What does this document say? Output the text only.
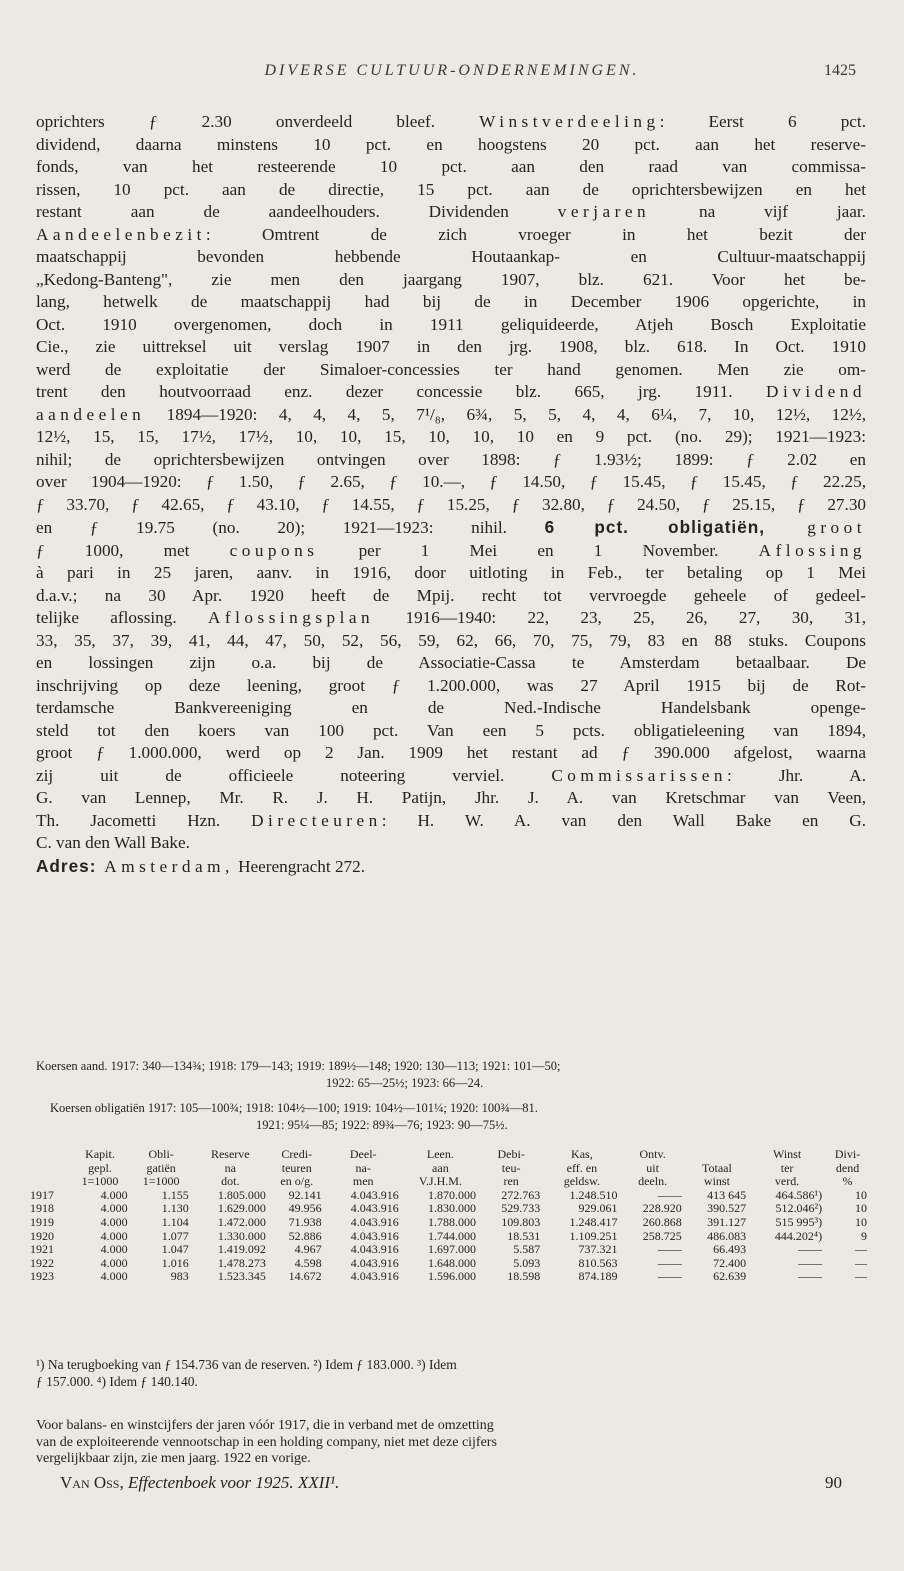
DIVERSE CULTUUR-ONDERNEMINGEN.	1425
oprichters ƒ 2.30 onverdeeld bleef. Winstverdeeling: Eerst 6 pct.
dividend, daarna minstens 10 pct. en hoogstens 20 pct. aan het reserve-
fonds, van het resteerende 10 pct. aan den raad van commissa-
rissen, 10 pct. aan de directie, 15 pct. aan de oprichtersbewijzen en het
restant aan de aandeelhouders. Dividenden verjaren na vijf jaar.
Aandeelenbezit: Omtrent de zich vroeger in het bezit der
maatschappij bevonden hebbende Houtaankap- en Cultuur-maatschappij
„Kedong-Banteng", zie men den jaargang 1907, blz. 621. Voor het be-
lang, hetwelk de maatschappij had bij de in December 1906 opgerichte, in
Oct. 1910 overgenomen, doch in 1911 geliquideerde, Atjeh Bosch Exploitatie
Cie., zie uittreksel uit verslag 1907 in den jrg. 1908, blz. 618. In Oct. 1910
werd de exploitatie der Simaloer-concessies ter hand genomen. Men zie om-
trent den houtvoorraad enz. dezer concessie blz. 665, jrg. 1911. Dividend
aandeelen 1894—1920: 4, 4, 4, 5, 7¹/₈, 6¾, 5, 5, 4, 4, 6¼, 7, 10, 12½, 12½,
12½, 15, 15, 17½, 17½, 10, 10, 15, 10, 10, 10 en 9 pct. (no. 29); 1921—1923:
nihil; de oprichtersbewijzen ontvingen over 1898: ƒ 1.93½; 1899: ƒ 2.02 en
over 1904—1920: ƒ 1.50, ƒ 2.65, ƒ 10.—, ƒ 14.50, ƒ 15.45, ƒ 15.45, ƒ 22.25,
ƒ 33.70, ƒ 42.65, ƒ 43.10, ƒ 14.55, ƒ 15.25, ƒ 32.80, ƒ 24.50, ƒ 25.15, ƒ 27.30
en ƒ 19.75 (no. 20); 1921—1923: nihil. 6 pct. obligatiën, groot
ƒ 1000, met coupons per 1 Mei en 1 November. Aflossing
à pari in 25 jaren, aanv. in 1916, door uitloting in Feb., ter betaling op 1 Mei
d.a.v.; na 30 Apr. 1920 heeft de Mpij. recht tot vervroegde geheele of gedeel-
telijke aflossing. Aflossingsplan 1916—1940: 22, 23, 25, 26, 27, 30, 31,
33, 35, 37, 39, 41, 44, 47, 50, 52, 56, 59, 62, 66, 70, 75, 79, 83 en 88 stuks. Coupons
en lossingen zijn o.a. bij de Associatie-Cassa te Amsterdam betaalbaar. De
inschrijving op deze leening, groot ƒ 1.200.000, was 27 April 1915 bij de Rot-
terdamsche Bankvereeniging en de Ned.-Indische Handelsbank openge-
steld tot den koers van 100 pct. Van een 5 pcts. obligatieleening van 1894,
groot ƒ 1.000.000, werd op 2 Jan. 1909 het restant ad ƒ 390.000 afgelost, waarna
zij uit de officieele noteering verviel. Commissarissen: Jhr. A.
G. van Lennep, Mr. R. J. H. Patijn, Jhr. J. A. van Kretschmar van Veen,
Th. Jacometti Hzn. Directeuren: H. W. A. van den Wall Bake en G.
C. van den Wall Bake.
Adres: Amsterdam, Heerengracht 272.
Koersen aand. 1917: 340—134¾; 1918: 179—143; 1919: 189½—148; 1920: 130—113; 1921: 101—50;
1922: 65—25½; 1923: 66—24.
Koersen obligatiën 1917: 105—100¾; 1918: 104½—100; 1919: 104½—101¼; 1920: 100¾—81.
1921: 95¼—85; 1922: 89¾—76; 1923: 90—75½.
	Kapit.	Obli-	Reserve	Credi-	Deel-	Leen.	Debi-	Kas,	Ontv.		Winst	Divi-
	gepl.	gatiën	na	teuren	na-	aan	teu-	eff. en	uit	Totaal	ter	dend
	1=1000	1=1000	dot.	en o/g.	men	V.J.H.M.	ren	geldsw.	deeln.	winst	verd.	%
1917	4.000	1.155	1.805.000	92.141	4.043.916	1.870.000	272.763	1.248.510	——	413 645	464.586¹)	10
1918	4.000	1.130	1.629.000	49.956	4.043.916	1.830.000	529.733	929.061	228.920	390.527	512.046²)	10
1919	4.000	1.104	1.472.000	71.938	4.043.916	1.788.000	109.803	1.248.417	260.868	391.127	515 995³)	10
1920	4.000	1.077	1.330.000	52.886	4.043.916	1.744.000	18.531	1.109.251	258.725	486.083	444.202⁴)	9
1921	4.000	1.047	1.419.092	4.967	4.043.916	1.697.000	5.587	737.321	——	66.493	——	—
1922	4.000	1.016	1.478.273	4.598	4.043.916	1.648.000	5.093	810.563	——	72.400	——	—
1923	4.000	983	1.523.345	14.672	4.043.916	1.596.000	18.598	874.189	——	62.639	——	—
¹) Na terugboeking van ƒ 154.736 van de reserven. ²) Idem ƒ 183.000. ³) Idem
ƒ 157.000. ⁴) Idem ƒ 140.140.
Voor balans- en winstcijfers der jaren vóór 1917, die in verband met de omzetting
van de exploiteerende vennootschap in een holding company, niet met deze cijfers
vergelijkbaar zijn, zie men jaarg. 1922 en vorige.
Van Oss, Effectenboek voor 1925. XXII¹.	90
